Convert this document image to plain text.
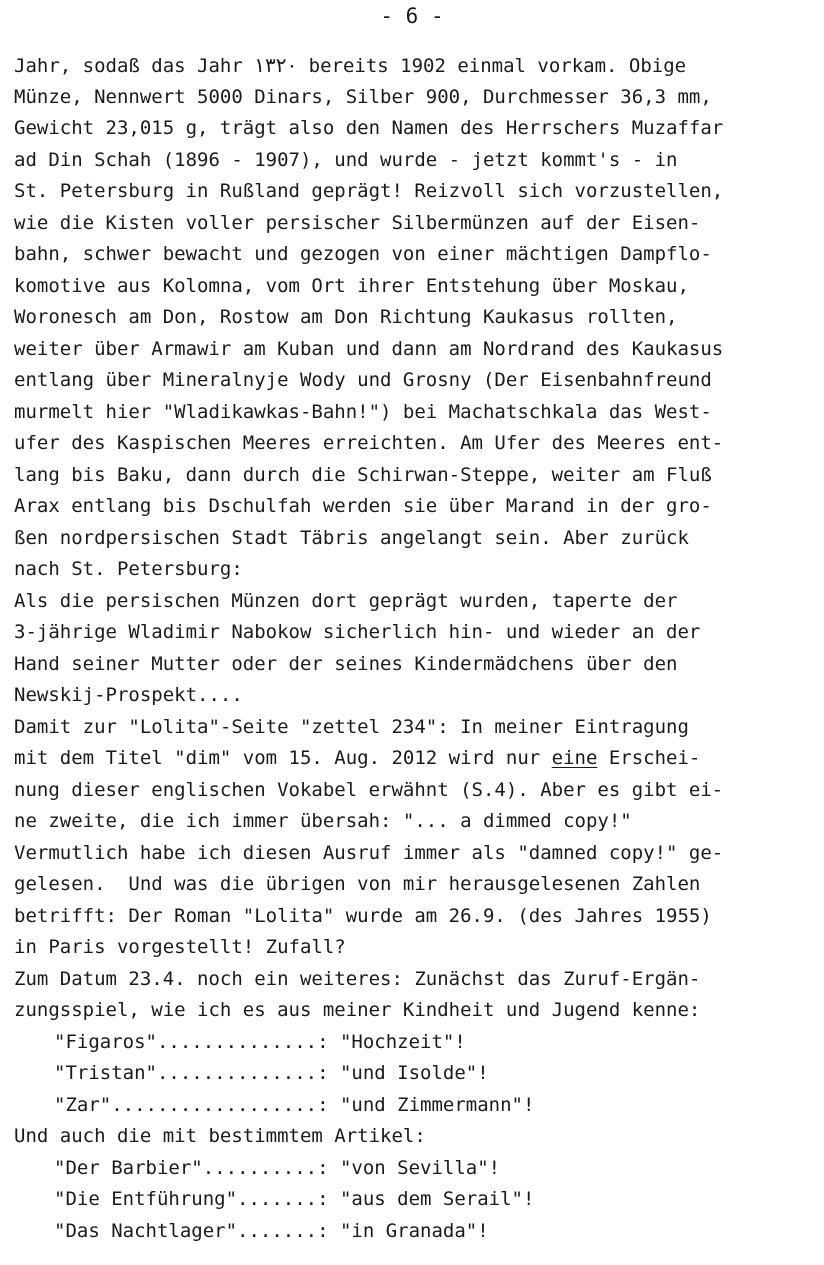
- 6 -
Jahr, sodaß das Jahr ١٣٢٠ bereits 1902 einmal vorkam. Obige
Münze, Nennwert 5000 Dinars, Silber 900, Durchmesser 36,3 mm,
Gewicht 23,015 g, trägt also den Namen des Herrschers Muzaffar
ad Din Schah (1896 - 1907), und wurde - jetzt kommt's - in
St. Petersburg in Rußland geprägt! Reizvoll sich vorzustellen,
wie die Kisten voller persischer Silbermünzen auf der Eisen-
bahn, schwer bewacht und gezogen von einer mächtigen Dampflo-
komotive aus Kolomna, vom Ort ihrer Entstehung über Moskau,
Woronesch am Don, Rostow am Don Richtung Kaukasus rollten,
weiter über Armawir am Kuban und dann am Nordrand des Kaukasus
entlang über Mineralnyje Wody und Grosny (Der Eisenbahnfreund
murmelt hier "Wladikawkas-Bahn!") bei Machatschkala das West-
ufer des Kaspischen Meeres erreichten. Am Ufer des Meeres ent-
lang bis Baku, dann durch die Schirwan-Steppe, weiter am Fluß
Arax entlang bis Dschulfah werden sie über Marand in der gro-
ßen nordpersischen Stadt Täbris angelangt sein. Aber zurück
nach St. Petersburg:
Als die persischen Münzen dort geprägt wurden, taperte der
3-jährige Wladimir Nabokow sicherlich hin- und wieder an der
Hand seiner Mutter oder der seines Kindermädchens über den
Newskij-Prospekt....
Damit zur "Lolita"-Seite "zettel 234": In meiner Eintragung
mit dem Titel "dim" vom 15. Aug. 2012 wird nur eine Erschei-
nung dieser englischen Vokabel erwähnt (S.4). Aber es gibt ei-
ne zweite, die ich immer übersah: "... a dimmed copy!"
Vermutlich habe ich diesen Ausruf immer als "damned copy!" ge-
gelesen.  Und was die übrigen von mir herausgelesenen Zahlen
betrifft: Der Roman "Lolita" wurde am 26.9. (des Jahres 1955)
in Paris vorgestellt! Zufall?
Zum Datum 23.4. noch ein weiteres: Zunächst das Zuruf-Ergän-
zungsspiel, wie ich es aus meiner Kindheit und Jugend kenne:
"Figaros"..............: "Hochzeit"!
"Tristan"..............: "und Isolde"!
"Zar"..................: "und Zimmermann"!
Und auch die mit bestimmtem Artikel:
"Der Barbier"..........: "von Sevilla"!
"Die Entführung".......: "aus dem Serail"!
"Das Nachtlager".......: "in Granada"!
